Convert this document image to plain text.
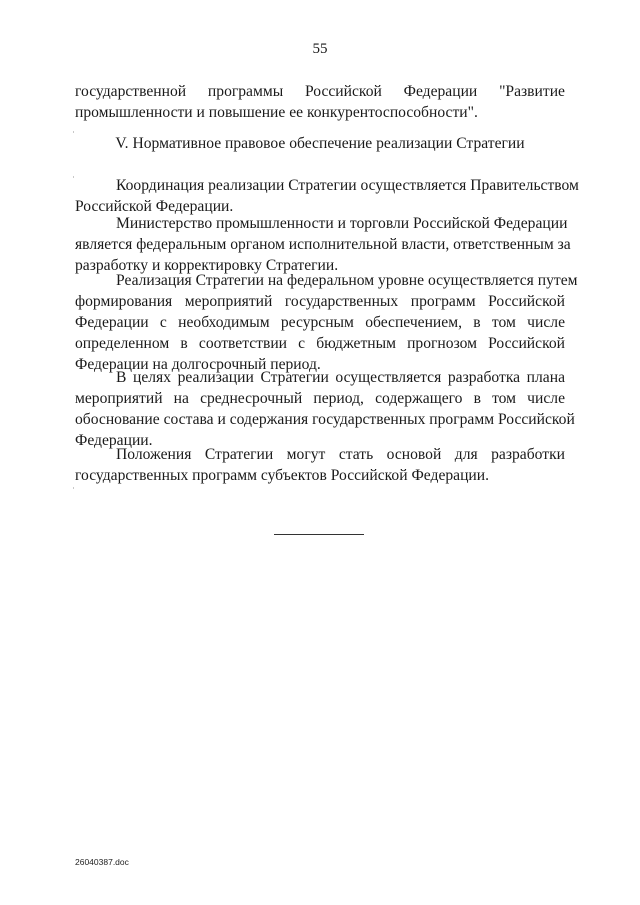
55
государственной программы Российской Федерации "Развитие
промышленности и повышение ее конкурентоспособности".
V. Нормативное правовое обеспечение реализации Стратегии
Координация реализации Стратегии осуществляется Правительством
Российской Федерации.
Министерство промышленности и торговли Российской Федерации
является федеральным органом исполнительной власти, ответственным за
разработку и корректировку Стратегии.
Реализация Стратегии на федеральном уровне осуществляется путем
формирования мероприятий государственных программ Российской
Федерации с необходимым ресурсным обеспечением, в том числе
определенном в соответствии с бюджетным прогнозом Российской
Федерации на долгосрочный период.
В целях реализации Стратегии осуществляется разработка плана
мероприятий на среднесрочный период, содержащего в том числе
обоснование состава и содержания государственных программ Российской
Федерации.
Положения Стратегии могут стать основой для разработки
государственных программ субъектов Российской Федерации.
26040387.doc
